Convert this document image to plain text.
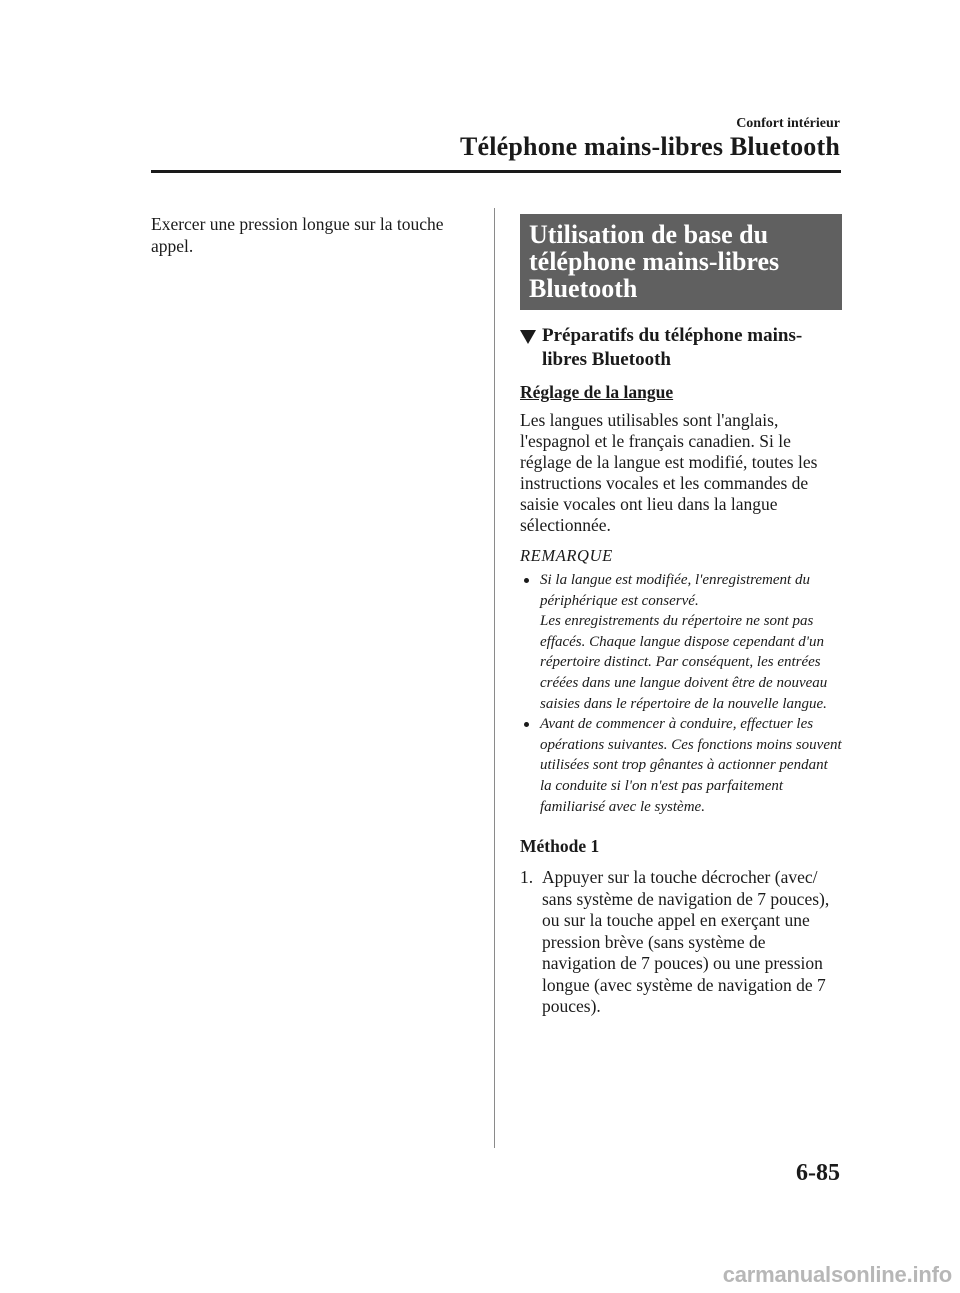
Confort intérieur
Téléphone mains-libres Bluetooth
Exercer une pression longue sur la touche appel.	Utilisation de base du téléphone mains-libres Bluetooth
Préparatifs du téléphone mains-libres Bluetooth
Réglage de la langue
Les langues utilisables sont l'anglais, l'espagnol et le français canadien. Si le réglage de la langue est modifié, toutes les instructions vocales et les commandes de saisie vocales ont lieu dans la langue sélectionnée.
REMARQUE
Si la langue est modifiée, l'enregistrement du périphérique est conservé.
Les enregistrements du répertoire ne sont pas effacés. Chaque langue dispose cependant d'un répertoire distinct. Par conséquent, les entrées créées dans une langue doivent être de nouveau saisies dans le répertoire de la nouvelle langue.
Avant de commencer à conduire, effectuer les opérations suivantes. Ces fonctions moins souvent utilisées sont trop gênantes à actionner pendant la conduite si l'on n'est pas parfaitement familiarisé avec le système.
Méthode 1
1. Appuyer sur la touche décrocher (avec/ sans système de navigation de 7 pouces), ou sur la touche appel en exerçant une pression brève (sans système de navigation de 7 pouces) ou une pression longue (avec système de navigation de 7 pouces).
6-85
carmanualsonline.info
